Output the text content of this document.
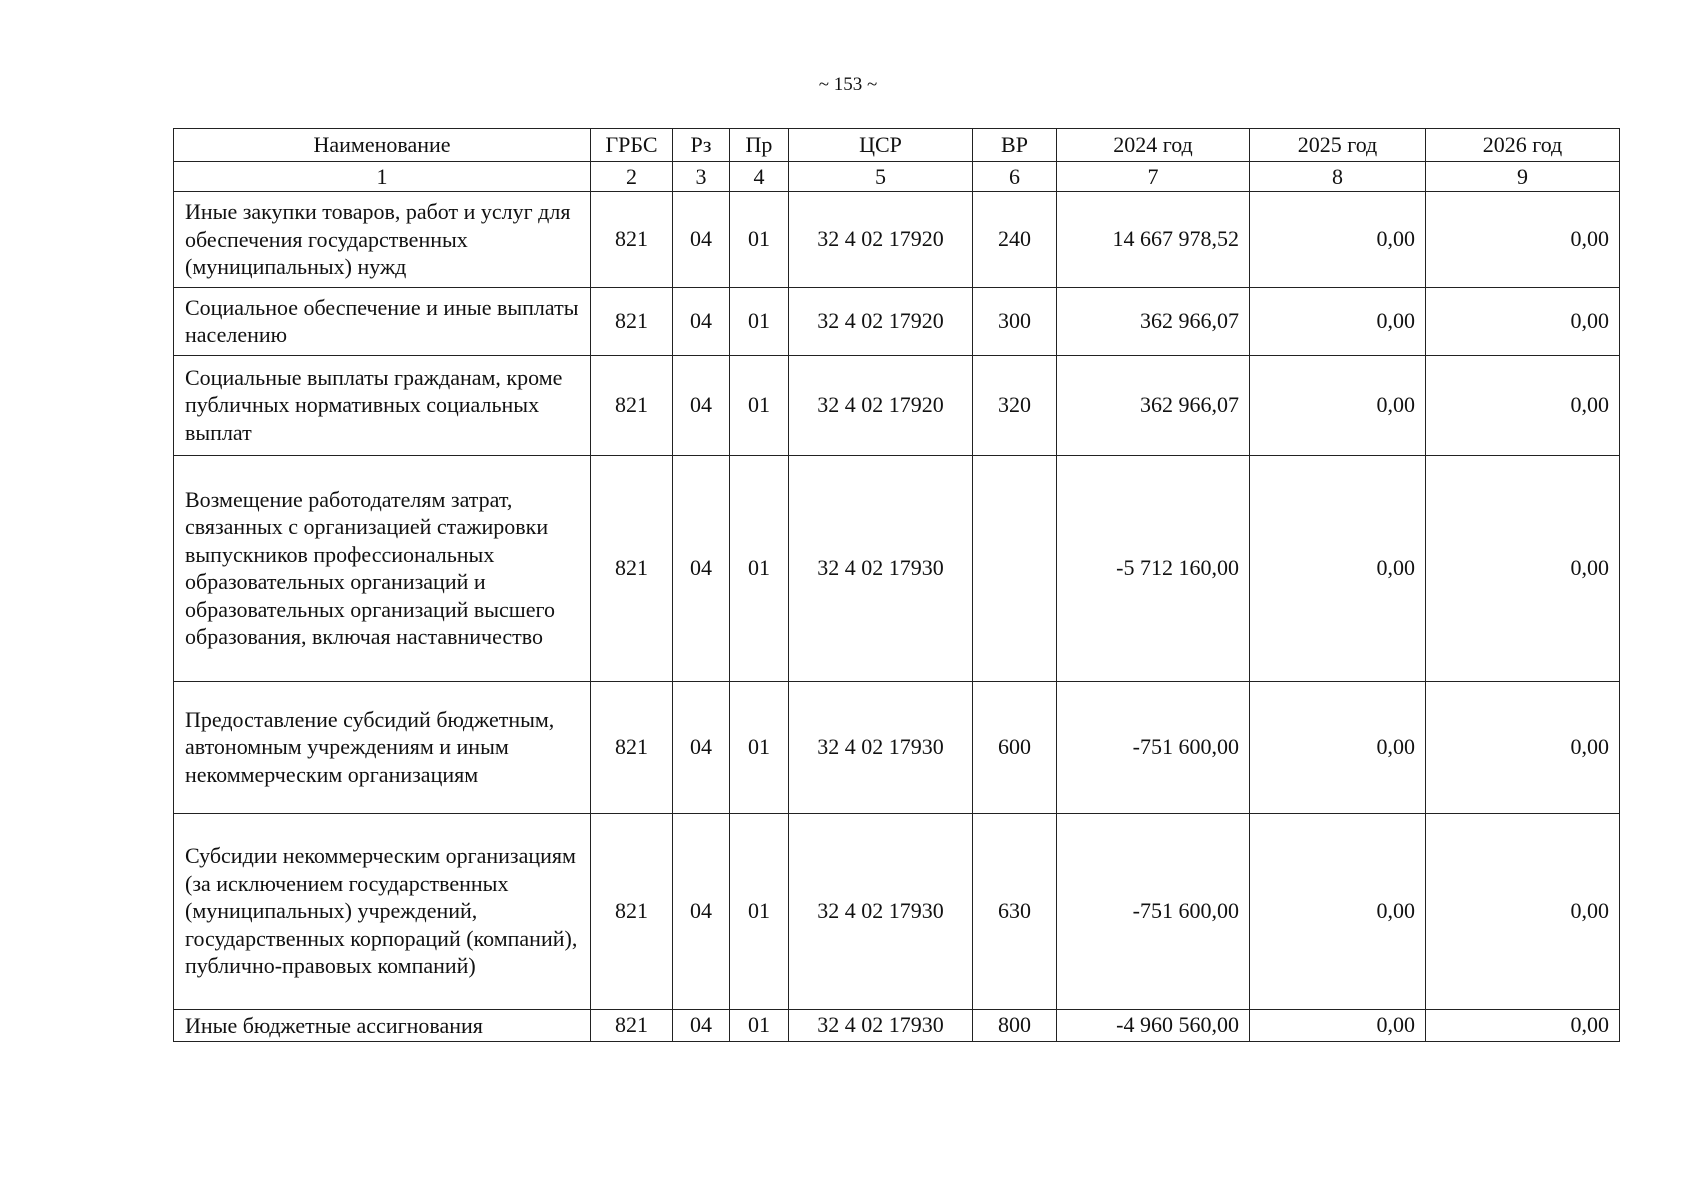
~ 153 ~
Наименование	ГРБС	Рз	Пр	ЦСР	ВР	2024 год	2025 год	2026 год
1	2	3	4	5	6	7	8	9
Иные закупки товаров, работ и услуг для обеспечения государственных (муниципальных) нужд	821	04	01	32 4 02 17920	240	14 667 978,52	0,00	0,00
Социальное обеспечение и иные выплаты населению	821	04	01	32 4 02 17920	300	362 966,07	0,00	0,00
Социальные выплаты гражданам, кроме публичных нормативных социальных выплат	821	04	01	32 4 02 17920	320	362 966,07	0,00	0,00
Возмещение работодателям затрат, связанных с организацией стажировки выпускников профессиональных образовательных организаций и образовательных организаций высшего образования, включая наставничество	821	04	01	32 4 02 17930		-5 712 160,00	0,00	0,00
Предоставление субсидий бюджетным, автономным учреждениям и иным некоммерческим организациям	821	04	01	32 4 02 17930	600	-751 600,00	0,00	0,00
Субсидии некоммерческим организациям (за исключением государственных (муниципальных) учреждений, государственных корпораций (компаний), публично-правовых компаний)	821	04	01	32 4 02 17930	630	-751 600,00	0,00	0,00
Иные бюджетные ассигнования	821	04	01	32 4 02 17930	800	-4 960 560,00	0,00	0,00
